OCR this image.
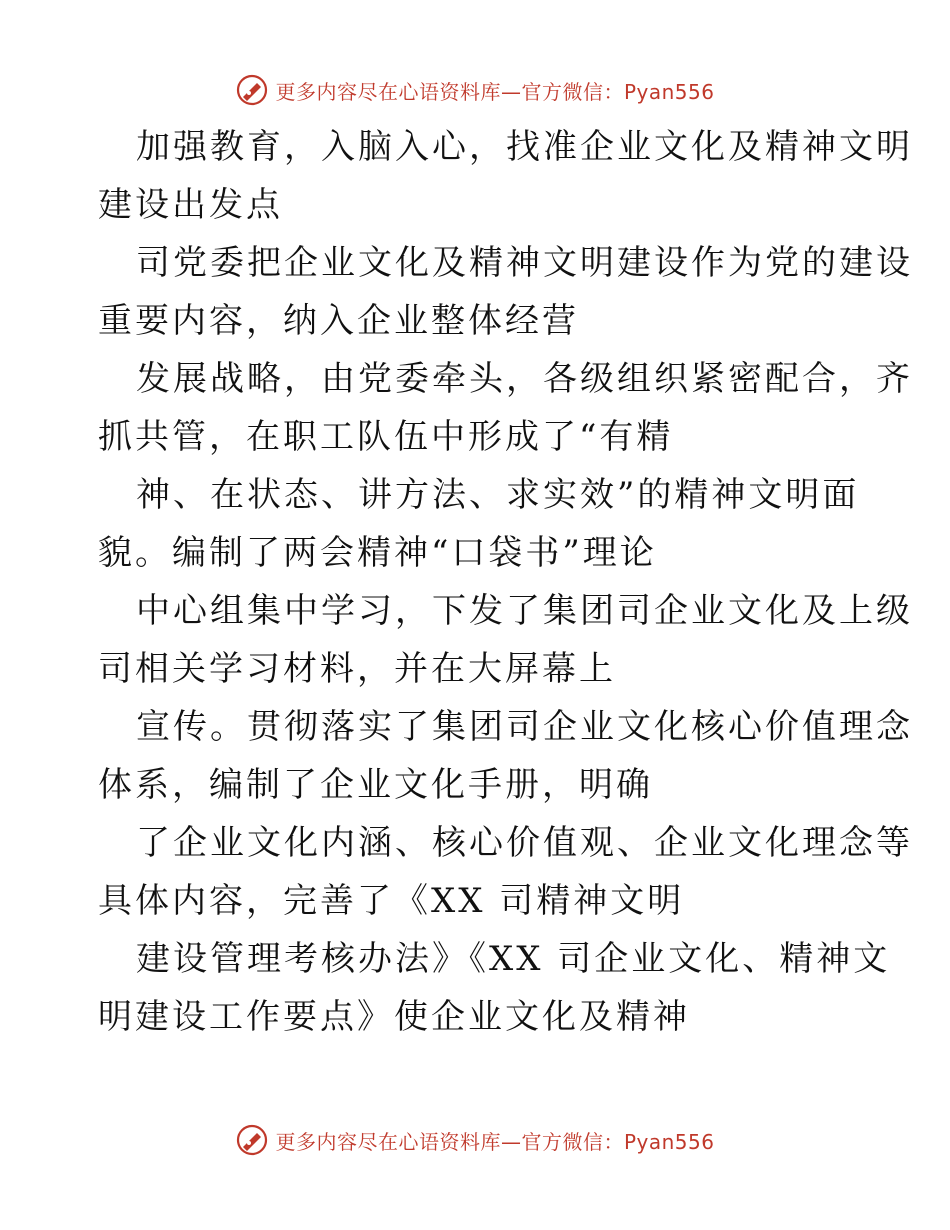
更多内容尽在心语资料库—官方微信：Pyan556
加强教育，入脑入心，找准企业文化及精神文明
建设出发点
司党委把企业文化及精神文明建设作为党的建设
重要内容，纳入企业整体经营
发展战略，由党委牵头，各级组织紧密配合，齐
抓共管，在职工队伍中形成了“有精
神、在状态、讲方法、求实效”的精神文明面
貌。编制了两会精神“口袋书”理论
中心组集中学习，下发了集团司企业文化及上级
司相关学习材料，并在大屏幕上
宣传。贯彻落实了集团司企业文化核心价值理念
体系，编制了企业文化手册，明确
了企业文化内涵、核心价值观、企业文化理念等
具体内容，完善了《XX 司精神文明
建设管理考核办法》《XX 司企业文化、精神文
明建设工作要点》使企业文化及精神
更多内容尽在心语资料库—官方微信：Pyan556
